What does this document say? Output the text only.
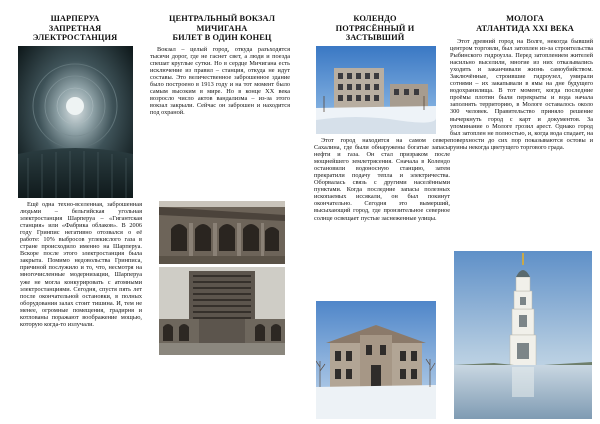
ШАРПЕРУА
ЗАПРЕТНАЯ
ЭЛЕКТРОСТАНЦИЯ

Ещё одна техно-вселенная, заброшенная людьми – бельгийская угольная электростанция Шарперуа – «Гигантская станция» или «Фабрика облаков». В 2006 году Гринпис негативно отозвался о её работе: 10% выбросов углекислого газа в стране происходило именно на Шарперуа. Вскоре после этого электростанция была закрыта. Помимо недовольства Гринписа, причиной послужило и то, что, несмотря на многочисленные модернизации, Шарперуа уже не могла конкурировать с атомными электростанциями. Сегодня, спустя пять лет после окончательной остановки, в полных оборудования залах стоит тишина. И, тем не менее, огромные помещения, градирня и котлованы поражают воображение мощью, которую когда-то излучали.

ЦЕНТРАЛЬНЫЙ ВОКЗАЛ
МИЧИГАНА
БИЛЕТ В ОДИН КОНЕЦ

Вокзал – целый город, откуда разъходятся тысячи дорог, где не гаснет свет, а люди и поезда спешат круглые сутки. Но в сердце Мичигана есть исключение из правил – станция, откуда не идут составы. Это величественное заброшенное здание было построено в 1913 году и на тот момент было самым высоким в мире. Но в конце XX века возросло число актов вандализма – из-за этого вокзал закрыли. Сейчас он заброшен и находится под охраной.

КОЛЕНДО
ПОТРЯСЁННЫЙ И
ЗАСТЫВШИЙ

Этот город находится на самом севере Сахалина, где были обнаружены богатые запасы нефти и газа. Он стал призраком после мощнейшего землетрясения. Сначала в Колендо остановили водоносную станцию, затем прекратили подачу тепла и электричества. Оборвалась связь с другими населёнными пунктами. Когда последние запасы полезных ископаемых иссякали, он был покинут окончательно. Сегодня это вымерший, высыхающий город, где пронзительное северное солнце освещает пустые заснеженные улицы.

МОЛОГА
АТЛАНТИДА XXI ВЕКА

Этот древний город на Волге, некогда бывший центром торговли, был затоплен из-за строительства Рыбинского гидроузла. Перед затоплением жителей насильно выселили, многие из них отказывались уходить и заканчивали жизнь самоубийством. Заключённые, строившие гидроузел, умирали сотнями – их закапывали в ямы на дне будущего водохранилища. В тот момент, когда последние проёмы плотин были перекрыты и вода начала заполнять территорию, в Мологе оставалось около 300 человек. Правительство приняло решение вычеркнуть город с карт и документов. За упоминание о Мологе грозил арест. Однако город был затоплен не полностью, и, когда вода спадает, на поверхности до сих пор показываются остовы и руины некогда цветущего торгового града.
